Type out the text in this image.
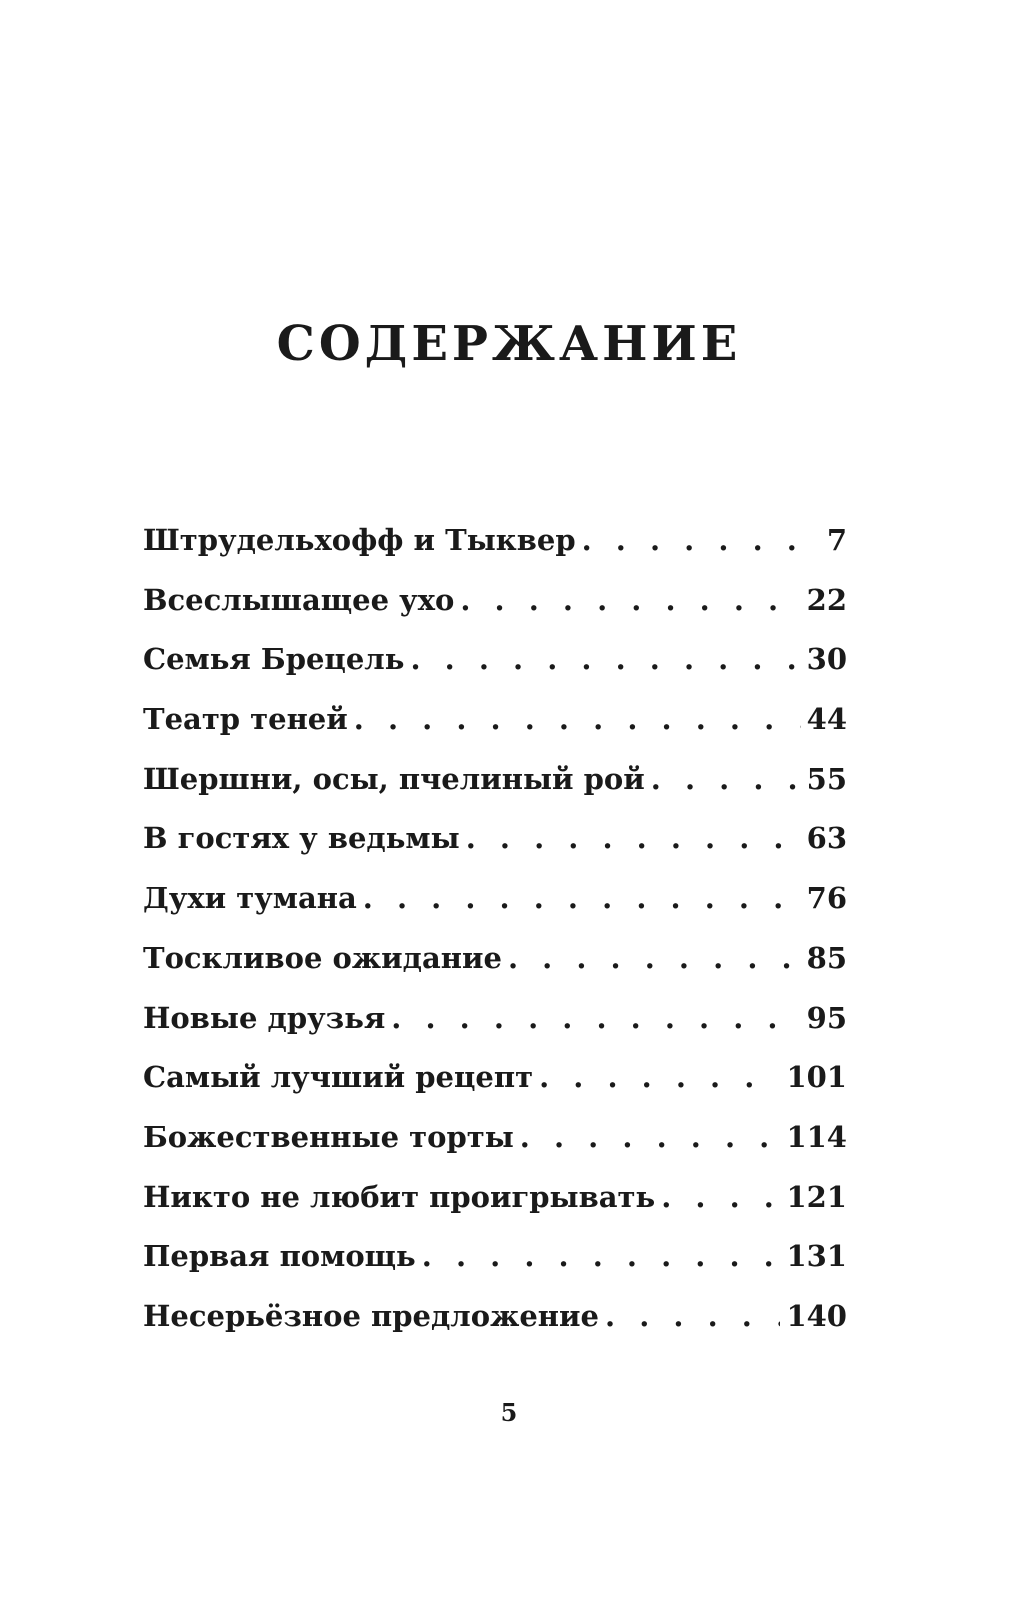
СОДЕРЖАНИЕ
Штрудельхофф и Тыквер . . .	7
Всеслышащее ухо . . .	22
Семья Брецель . . .	30
Театр теней . . .	44
Шершни, осы, пчелиный рой . . .	55
В гостях у ведьмы . . .	63
Духи тумана . . .	76
Тоскливое ожидание . . .	85
Новые друзья . . .	95
Самый лучший рецепт . . .	101
Божественные торты . . .	114
Никто не любит проигрывать . . .	121
Первая помощь . . .	131
Несерьёзное предложение . . .	140
5
